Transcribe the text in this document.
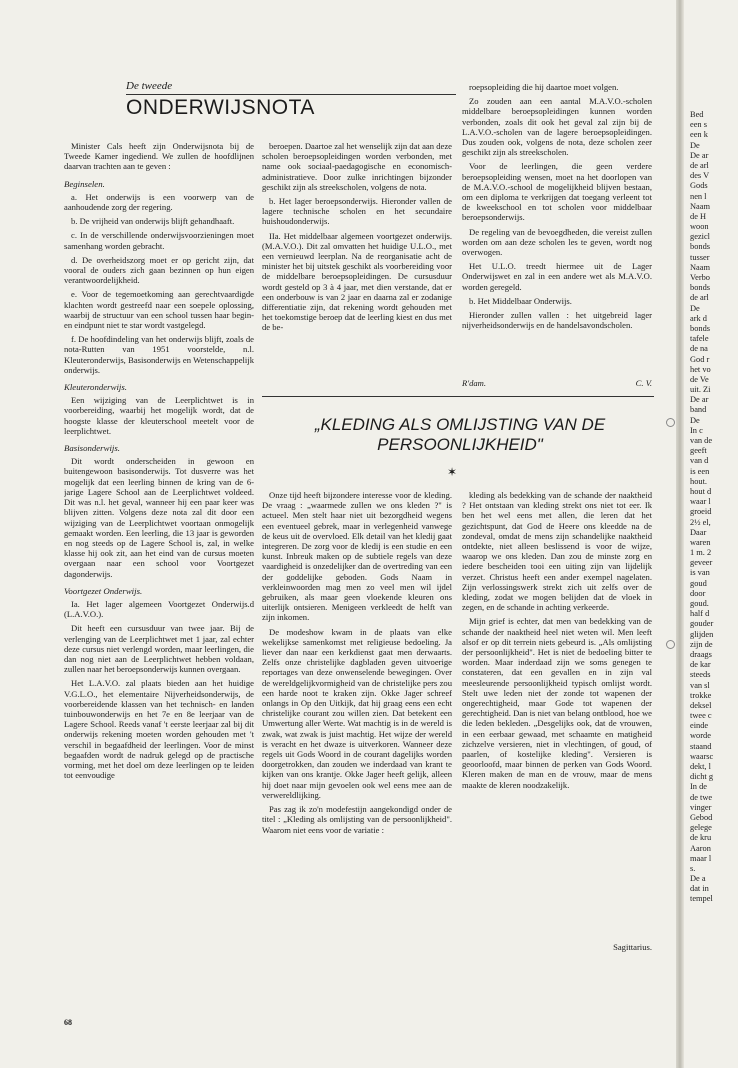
De tweede
ONDERWIJSNOTA

Minister Cals heeft zijn Onderwijsnota bij de Tweede Kamer ingediend. We zullen de hoofdlijnen daarvan trachten aan te geven :

Beginselen.

a. Het onderwijs is een voorwerp van de aanhoudende zorg der regering.

b. De vrijheid van onderwijs blijft gehandhaaft.

c. In de verschillende onderwijsvoorzieningen moet samenhang worden gebracht.

d. De overheidszorg moet er op gericht zijn, dat vooral de ouders zich gaan bezinnen op hun eigen verantwoordelijkheid.

e. Voor de tegemoetkoming aan gerechtvaardigde klachten wordt gestreefd naar een soepele oplossing, waarbij de structuur van een school tussen haar begin- en eindpunt niet te star wordt vastgelegd.

f. De hoofdindeling van het onderwijs blijft, zoals de nota-Rutten van 1951 voorstelde, n.l. Kleuteronderwijs, Basisonderwijs en Wetenschappelijk onderwijs.

Kleuteronderwijs.

Een wijziging van de Leerplichtwet is in voorbereiding, waarbij het mogelijk wordt, dat de hoogste klasse der kleuterschool meetelt voor de leerplichtwet.

Basisonderwijs.

Dit wordt onderscheiden in gewoon en buitengewoon basisonderwijs. Tot dusverre was het mogelijk dat een leerling binnen de kring van de 6-jarige Lagere School aan de Leerplichtwet voldeed. Dit was n.l. het geval, wanneer hij een paar keer was blijven zitten. Volgens deze nota zal dit door een wijziging van de Leerplichtwet voortaan onmogelijk gemaakt worden. Een leerling, die 13 jaar is geworden en nog steeds op de Lagere School is, zal, in welke klasse hij ook zit, aan het eind van de cursus moeten overgaan naar een school voor Voortgezet dagonderwijs.

Voortgezet Onderwijs.

Ia. Het lager algemeen Voortgezet Onderwijs.d (L.A.V.O.).

Dit heeft een cursusduur van twee jaar. Bij de verlenging van de Leerplichtwet met 1 jaar, zal echter deze cursus niet verlengd worden, maar leerlingen, die dan nog niet aan de Leerplichtwet hebben voldaan, zullen naar het beroepsonderwijs kunnen overgaan.

Het L.A.V.O. zal plaats bieden aan het huidige V.G.L.O., het elementaire Nijverheidsonderwijs, de voorbereidende klassen van het technisch- en landen tuinbouwonderwijs en het 7e en 8e leerjaar van de Lagere School. Reeds vanaf 't eerste leerjaar zal bij dit onderwijs rekening moeten worden gehouden met 't verschil in begaafdheid der leerlingen. Voor de minst begaafden wordt de nadruk gelegd op de practische vorming, met het doel om deze leerlingen op te leiden tot eenvoudige

beroepen. Daartoe zal het wenselijk zijn dat aan deze scholen beroepsopleidingen worden verbonden, met name ook sociaal-paedagogische en economisch-administratieve. Door zulke inrichtingen bijzonder geschikt zijn als streekscholen, volgens de nota.

b. Het lager beroepsonderwijs. Hieronder vallen de lagere technische scholen en het secundaire huishoudonderwijs.

IIa. Het middelbaar algemeen voortgezet onderwijs. (M.A.V.O.). Dit zal omvatten het huidige U.L.O., met een vernieuwd leerplan. Na de reorganisatie acht de minister het bij uitstek geschikt als voorbereiding voor de middelbare beroepsopleidingen. De cursusduur wordt gesteld op 3 à 4 jaar, met dien verstande, dat er een onderbouw is van 2 jaar en daarna zal er zodanige differentiatie zijn, dat rekening wordt gehouden met het toekomstige beroep dat de leerling kiest en dus met de be-

roepsopleiding die hij daartoe moet volgen.

Zo zouden aan een aantal M.A.V.O.-scholen middelbare beroepsopleidingen kunnen worden verbonden, zoals dit ook het geval zal zijn bij de L.A.V.O.-scholen van de lagere beroepsopleidingen. Dus zouden ook, volgens de nota, deze scholen zeer geschikt zijn als streekscholen.

Voor de leerlingen, die geen verdere beroepsopleiding wensen, moet na het doorlopen van de M.A.V.O.-school de mogelijkheid blijven bestaan, om een diploma te verkrijgen dat toegang verleent tot de kweekschool en tot scholen voor middelbaar beroepsonderwijs.

De regeling van de bevoegdheden, die vereist zullen worden om aan deze scholen les te geven, wordt nog overwogen.

Het U.L.O. treedt hiermee uit de Lager Onderwijswet en zal in een andere wet als M.A.V.O. worden geregeld.

b. Het Middelbaar Onderwijs.

Hieronder zullen vallen : het uitgebreid lager nijverheidsonderwijs en de handelsavondscholen.

R'dam.	C. V.
„KLEDING ALS OMLIJSTING VAN DE PERSOONLIJKHEID"
✶

Onze tijd heeft bijzondere interesse voor de kleding. De vraag : „waarmede zullen we ons kleden ?" is actueel. Men stelt haar niet uit bezorgdheid wegens een eventueel gebrek, maar in verlegenheid vanwege de keus uit de overvloed. Elk detail van het kledij gaat integreren. De zorg voor de kledij is een studie en een kunst. Inbreuk maken op de subtiele regels van deze vaardigheid is onzedelijker dan de overtreding van een der goddelijke geboden. Gods Naam in verkleinwoorden mag men zo veel men wil ijdel gebruiken, als maar geen vloekende kleuren ons uiterlijk ontsieren. Menigeen verkleedt de helft van zijn inkomen.

De modeshow kwam in de plaats van elke wekelijkse samenkomst met religieuse bedoeling. Ja liever dan naar een kerkdienst gaat men derwaarts. Zelfs onze christelijke dagbladen geven uitvoerige reportages van deze onwenselende bewegingen. Over de wereldgelijkvormigheid van de christelijke pers zou een harde noot te kraken zijn. Okke Jager schreef onlangs in Op den Uitkijk, dat hij graag eens een echt christelijke courant zou willen zien. Dat betekent een Umwertung aller Werte. Wat machtig is in de wereld is zwak, wat zwak is juist machtig. Het wijze der wereld is veracht en het dwaze is uitverkoren. Wanneer deze regels uit Gods Woord in de courant dagelijks worden doorgetrokken, dan zouden we inderdaad van krant te kijken van ons krantje. Okke Jager heeft gelijk, alleen hij doet naar mijn gevoelen ook wel eens mee aan de verwereldlijking.

Pas zag ik zo'n modefestijn aangekondigd onder de titel : „Kleding als omlijsting van de persoonlijkheid". Waarom niet eens voor de variatie :

kleding als bedekking van de schande der naaktheid ? Het ontstaan van kleding strekt ons niet tot eer. Ik ben het wel eens met allen, die leren dat het gezichtspunt, dat God de Heere ons kleedde na de zondeval, omdat de mens zijn schandelijke naaktheid ontdekte, niet alleen beslissend is voor de wijze, waarop we ons kleden. Dan zou de minste zorg en iedere bescheiden tooi een uiting zijn van lijdelijk verzet. Christus heeft een ander exempel nagelaten. Zijn verlossingswerk strekt zich uit zelfs over de kleding, zodat we mogen belijden dat de vloek in zegen, en de schande in achting verkeerde.

Mijn grief is echter, dat men van bedekking van de schande der naaktheid heel niet weten wil. Men leeft alsof er op dit terrein niets gebeurd is. „Als omlijsting der persoonlijkheid". Het is niet de bedoeling bitter te worden. Maar inderdaad zijn we soms genegen te constateren, dat een gevallen en in zijn val meesleurende persoonlijkheid typisch omlijst wordt. Stelt uwe leden niet der zonde tot wapenen der ongerechtigheid, maar Gode tot wapenen der gerechtigheid. Dan is niet van belang ontblood, hoe we die leden bekleden. „Desgelijks ook, dat de vrouwen, in een eerbaar gewaad, met schaamte en matigheid zichzelve versieren, niet in vlechtingen, of goud, of paarlen, of kostelijke kleding". Versieren is geoorloofd, maar binnen de perken van Gods Woord. Kleren maken de man en de vrouw, maar de mens maakte de kleren noodzakelijk.

Sagittarius.
68
Bed
een s
een k
De
De ar
de arl
des V
Gods
nen l
Naam
de H
woon
gezicl
bonds
tusser
Naam
Verbo
bonds
de arl
De
ark d
bonds
tafele
de na
God r
het vo
de Ve
uit. Zi
De ar
band
De
In c
van de
geeft
van d
is een
hout.
hout d
waar l
groeid
2½ el,
Daar
waren
1 m. 2
geveer
is van
goud
door
goud.
half d
gouder
glijden
zijn de
draags
de kar
steeds
van sl
trokke
deksel
twee c
einde
worde
staand
waarsc
dekt, l
dicht g
In de
de twe
vinger
Gebod
gelege
de kru
Aaron
maar l
s.
De a
dat in
tempel
